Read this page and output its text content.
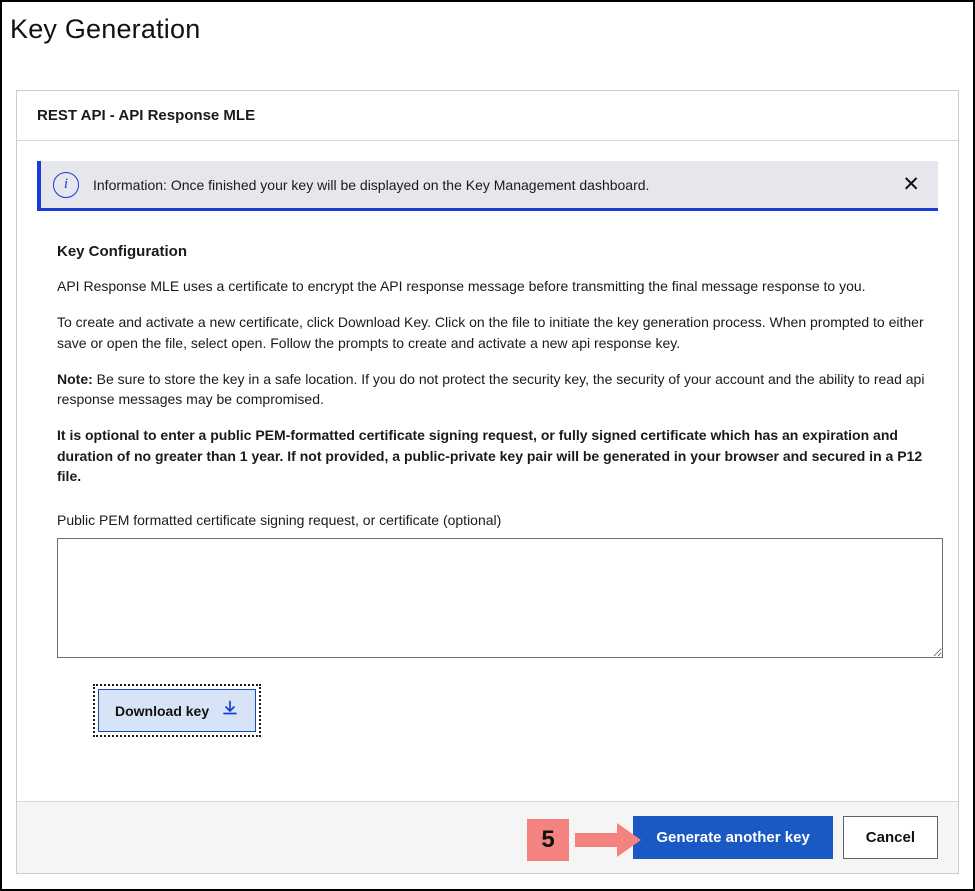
Key Generation
REST API - API Response MLE
i	Information: Once finished your key will be displayed on the Key Management dashboard.	✕
Key Configuration

API Response MLE uses a certificate to encrypt the API response message before transmitting the final message response to you.

To create and activate a new certificate, click Download Key. Click on the file to initiate the key generation process. When prompted to either save or open the file, select open. Follow the prompts to create and activate a new api response key.

Note: Be sure to store the key in a safe location. If you do not protect the security key, the security of your account and the ability to read api response messages may be compromised.

It is optional to enter a public PEM-formatted certificate signing request, or fully signed certificate which has an expiration and duration of no greater than 1 year. If not provided, a public-private key pair will be generated in your browser and secured in a P12 file.

Public PEM formatted certificate signing request, or certificate (optional)
Download key
5	Generate another key	Cancel
